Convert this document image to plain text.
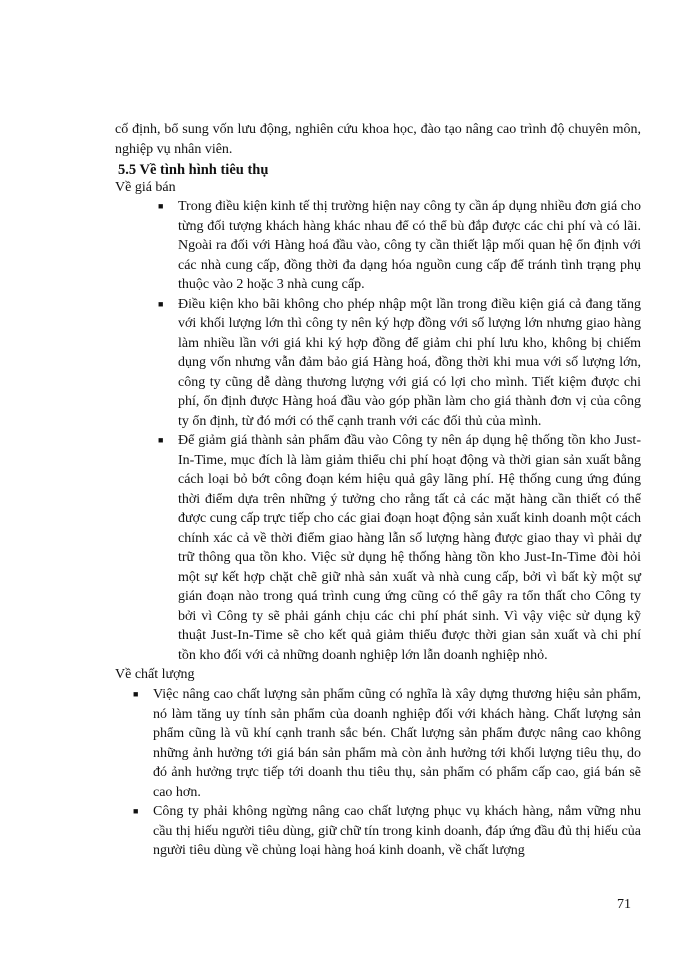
cố định, bổ sung vốn lưu động, nghiên cứu khoa học, đào tạo nâng cao trình độ chuyên môn, nghiệp vụ nhân viên.

5.5 Về tình hình tiêu thụ

Về giá bán

■ Trong điều kiện kinh tế thị trường hiện nay công ty cần áp dụng nhiều đơn giá cho từng đối tượng khách hàng khác nhau để có thể bù đắp được các chi phí và có lãi. Ngoài ra đối với Hàng hoá đầu vào, công ty cần thiết lập mối quan hệ ổn định với các nhà cung cấp, đồng thời đa dạng hóa nguồn cung cấp để tránh tình trạng phụ thuộc vào 2 hoặc 3 nhà cung cấp.
■ Điều kiện kho bãi không cho phép nhập một lần trong điều kiện giá cả đang tăng với khối lượng lớn thì công ty nên ký hợp đồng với số lượng lớn nhưng giao hàng làm nhiều lần với giá khi ký hợp đồng để giảm chi phí lưu kho, không bị chiếm dụng vốn nhưng vẫn đảm bảo giá Hàng hoá, đồng thời khi mua với số lượng lớn, công ty cũng dễ dàng thương lượng với giá có lợi cho mình. Tiết kiệm được chi phí, ổn định được Hàng hoá đầu vào góp phần làm cho giá thành đơn vị của công ty ổn định, từ đó mới có thể cạnh tranh với các đối thủ của mình.
■ Để giảm giá thành sản phẩm đầu vào Công ty nên áp dụng hệ thống tồn kho Just-In-Time, mục đích là làm giảm thiểu chi phí hoạt động và thời gian sản xuất bằng cách loại bỏ bớt công đoạn kém hiệu quả gây lãng phí. Hệ thống cung ứng đúng thời điểm dựa trên những ý tưởng cho rằng tất cả các mặt hàng cần thiết có thể được cung cấp trực tiếp cho các giai đoạn hoạt động sản xuất kinh doanh một cách chính xác cả về thời điểm giao hàng lẫn số lượng hàng được giao thay vì phải dự trữ thông qua tồn kho. Việc sử dụng hệ thống hàng tồn kho Just-In-Time đòi hỏi một sự kết hợp chặt chẽ giữ nhà sản xuất và nhà cung cấp, bởi vì bất kỳ một sự gián đoạn nào trong quá trình cung ứng cũng có thể gây ra tổn thất cho Công ty bởi vì Công ty sẽ phải gánh chịu các chi phí phát sinh. Vì vậy việc sử dụng kỹ thuật Just-In-Time sẽ cho kết quả giảm thiểu được thời gian sản xuất và chi phí tồn kho đối với cả những doanh nghiệp lớn lẫn doanh nghiệp nhỏ.

Về chất lượng

■ Việc nâng cao chất lượng sản phẩm cũng có nghĩa là xây dựng thương hiệu sản phẩm, nó làm tăng uy tính sản phẩm của doanh nghiệp đối với khách hàng. Chất lượng sản phẩm cũng là vũ khí cạnh tranh sắc bén. Chất lượng sản phẩm được nâng cao không những ảnh hưởng tới giá bán sản phẩm mà còn ảnh hưởng tới khối lượng tiêu thụ, do đó ảnh hưởng trực tiếp tới doanh thu tiêu thụ, sản phẩm có phẩm cấp cao, giá bán sẽ cao hơn.
■ Công ty phải không ngừng nâng cao chất lượng phục vụ khách hàng, nắm vững nhu cầu thị hiếu người tiêu dùng, giữ chữ tín trong kinh doanh, đáp ứng đầu đủ thị hiếu của người tiêu dùng về chủng loại hàng hoá kinh doanh, về chất lượng

71
